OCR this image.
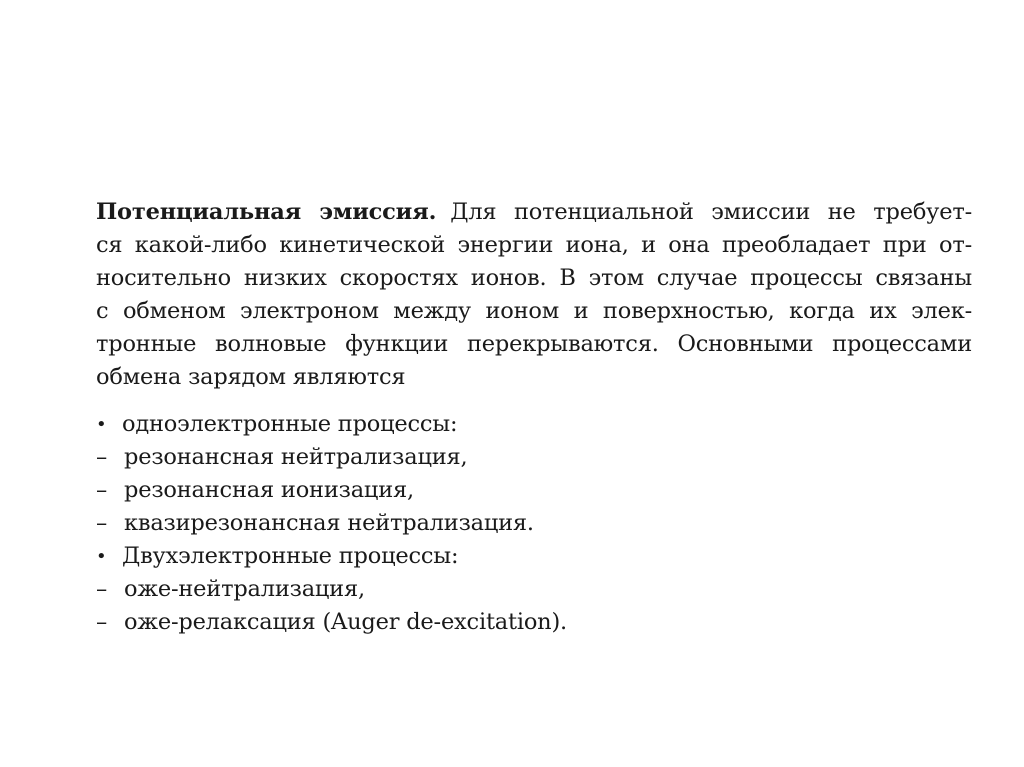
Потенциальная эмиссия. Для потенциальной эмиссии не требует-
ся какой-либо кинетической энергии иона, и она преобладает при от-
носительно низких скоростях ионов. В этом случае процессы связаны
с обменом электроном между ионом и поверхностью, когда их элек-
тронные волновые функции перекрываются. Основными процессами
обмена зарядом являются
• одноэлектронные процессы:
– резонансная нейтрализация,
– резонансная ионизация,
– квазирезонансная нейтрализация.
• Двухэлектронные процессы:
– оже-нейтрализация,
– оже-релаксация (Auger de-excitation).
